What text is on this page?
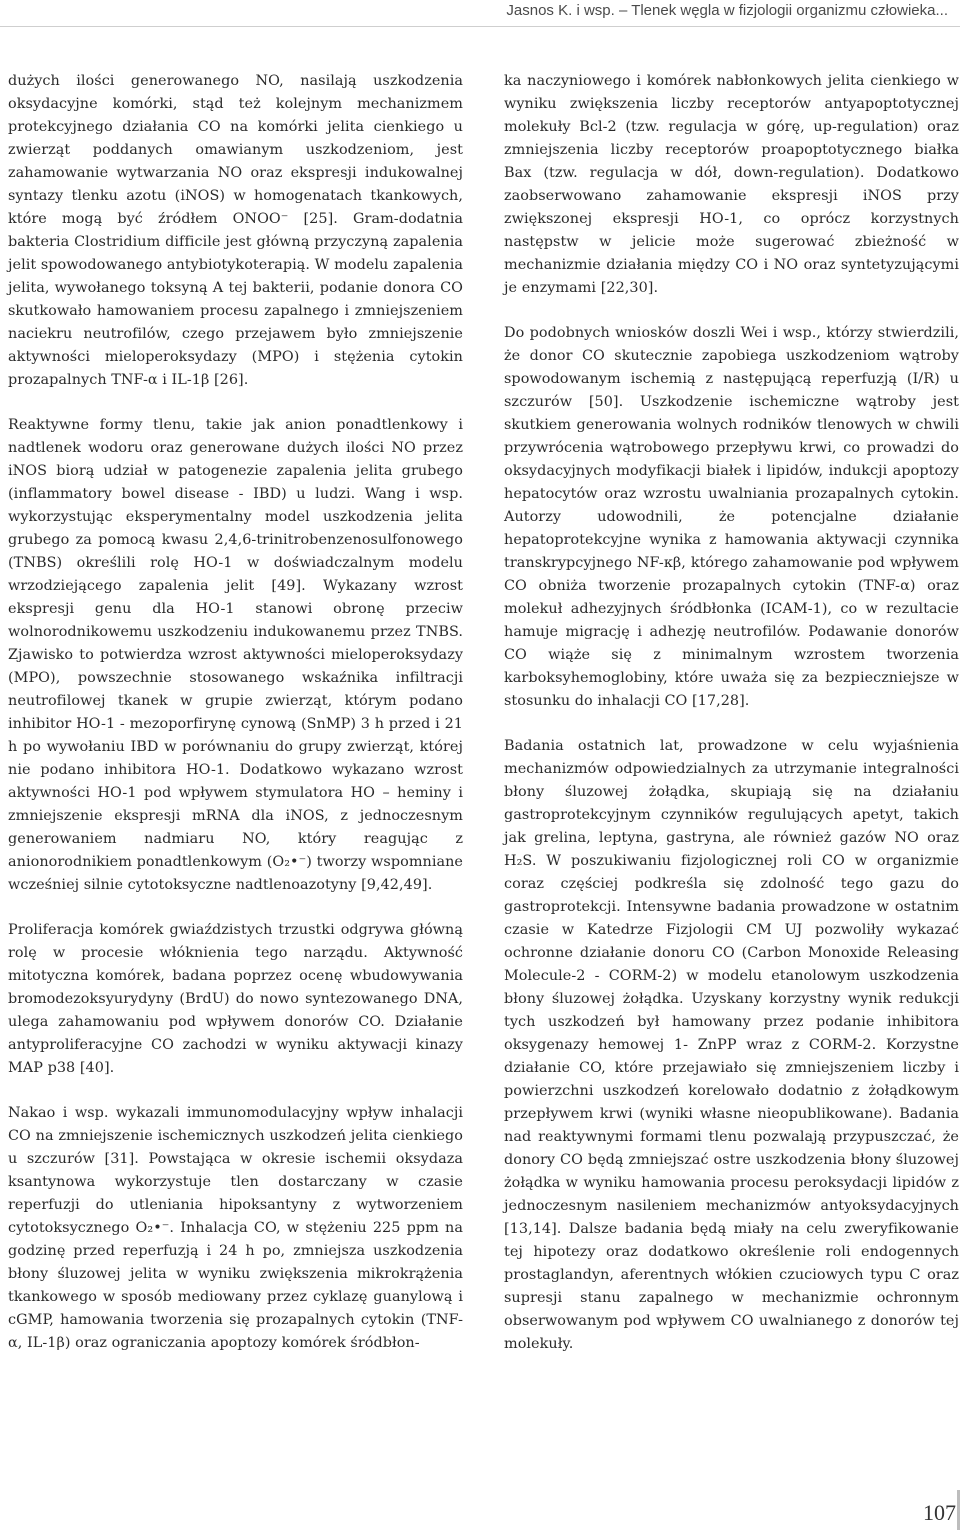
Jasnos K. i wsp. – Tlenek węgla w fizjologii organizmu człowieka...

dużych ilości generowanego NO, nasilają uszkodzenia oksydacyjne komórki, stąd też kolejnym mechanizmem protekcyjnego działania CO na komórki jelita cienkiego u zwierząt poddanych omawianym uszkodzeniom, jest zahamowanie wytwarzania NO oraz ekspresji indukowalnej syntazy tlenku azotu (iNOS) w homogenatach tkankowych, które mogą być źródłem ONOO⁻ [25]. Gram-dodatnia bakteria Clostridium difficile jest główną przyczyną zapalenia jelit spowodowanego antybiotykoterapią. W modelu zapalenia jelita, wywołanego toksyną A tej bakterii, podanie donora CO skutkowało hamowaniem procesu zapalnego i zmniejszeniem naciekru neutrofilów, czego przejawem było zmniejszenie aktywności mieloperoksydazy (MPO) i stężenia cytokin prozapalnych TNF-α i IL-1β [26].

Reaktywne formy tlenu, takie jak anion ponadtlenkowy i nadtlenek wodoru oraz generowane dużych ilości NO przez iNOS biorą udział w patogenezie zapalenia jelita grubego (inflammatory bowel disease - IBD) u ludzi. Wang i wsp. wykorzystując eksperymentalny model uszkodzenia jelita grubego za pomocą kwasu 2,4,6-trinitrobenzenosulfonowego (TNBS) określili rolę HO-1 w doświadczalnym modelu wrzodziejącego zapalenia jelit [49]. Wykazany wzrost ekspresji genu dla HO-1 stanowi obronę przeciw wolnorodnikowemu uszkodzeniu indukowanemu przez TNBS. Zjawisko to potwierdza wzrost aktywności mieloperoksydazy (MPO), powszechnie stosowanego wskaźnika infiltracji neutrofilowej tkanek w grupie zwierząt, którym podano inhibitor HO-1 - mezoporfirynę cynową (SnMP) 3 h przed i 21 h po wywołaniu IBD w porównaniu do grupy zwierząt, której nie podano inhibitora HO-1. Dodatkowo wykazano wzrost aktywności HO-1 pod wpływem stymulatora HO – heminy i zmniejszenie ekspresji mRNA dla iNOS, z jednoczesnym generowaniem nadmiaru NO, który reagując z anionorodnikiem ponadtlenkowym (O₂•⁻) tworzy wspomniane wcześniej silnie cytotoksyczne nadtlenoazotyny [9,42,49].

Proliferacja komórek gwiaździstych trzustki odgrywa główną rolę w procesie włóknienia tego narządu. Aktywność mitotyczna komórek, badana poprzez ocenę wbudowywania bromodezoksyurydyny (BrdU) do nowo syntezowanego DNA, ulega zahamowaniu pod wpływem donorów CO. Działanie antyproliferacyjne CO zachodzi w wyniku aktywacji kinazy MAP p38 [40].

Nakao i wsp. wykazali immunomodulacyjny wpływ inhalacji CO na zmniejszenie ischemicznych uszkodzeń jelita cienkiego u szczurów [31]. Powstająca w okresie ischemii oksydaza ksantynowa wykorzystuje tlen dostarczany w czasie reperfuzji do utleniania hipoksantyny z wytworzeniem cytotoksycznego O₂•⁻. Inhalacja CO, w stężeniu 225 ppm na godzinę przed reperfuzją i 24 h po, zmniejsza uszkodzenia błony śluzowej jelita w wyniku zwiększenia mikrokrążenia tkankowego w sposób mediowany przez cyklazę guanylową i cGMP, hamowania tworzenia się prozapalnych cytokin (TNF-α, IL-1β) oraz ograniczania apoptozy komórek śródbłon-

ka naczyniowego i komórek nabłonkowych jelita cienkiego w wyniku zwiększenia liczby receptorów antyapoptotycznej molekuły Bcl-2 (tzw. regulacja w górę, up-regulation) oraz zmniejszenia liczby receptorów proapoptotycznego białka Bax (tzw. regulacja w dół, down-regulation). Dodatkowo zaobserwowano zahamowanie ekspresji iNOS przy zwiększonej ekspresji HO-1, co oprócz korzystnych następstw w jelicie może sugerować zbieżność w mechanizmie działania między CO i NO oraz syntetyzującymi je enzymami [22,30].

Do podobnych wniosków doszli Wei i wsp., którzy stwierdzili, że donor CO skutecznie zapobiega uszkodzeniom wątroby spowodowanym ischemią z następującą reperfuzją (I/R) u szczurów [50]. Uszkodzenie ischemiczne wątroby jest skutkiem generowania wolnych rodników tlenowych w chwili przywrócenia wątrobowego przepływu krwi, co prowadzi do oksydacyjnych modyfikacji białek i lipidów, indukcji apoptozy hepatocytów oraz wzrostu uwalniania prozapalnych cytokin. Autorzy udowodnili, że potencjalne działanie hepatoprotekcyjne wynika z hamowania aktywacji czynnika transkrypcyjnego NF-κβ, którego zahamowanie pod wpływem CO obniża tworzenie prozapalnych cytokin (TNF-α) oraz molekuł adhezyjnych śródbłonka (ICAM-1), co w rezultacie hamuje migrację i adhezję neutrofilów. Podawanie donorów CO wiąże się z minimalnym wzrostem tworzenia karboksyhemoglobiny, które uważa się za bezpieczniejsze w stosunku do inhalacji CO [17,28].

Badania ostatnich lat, prowadzone w celu wyjaśnienia mechanizmów odpowiedzialnych za utrzymanie integralności błony śluzowej żołądka, skupiają się na działaniu gastroprotekcyjnym czynników regulujących apetyt, takich jak grelina, leptyna, gastryna, ale również gazów NO oraz H₂S. W poszukiwaniu fizjologicznej roli CO w organizmie coraz częściej podkreśla się zdolność tego gazu do gastroprotekcji. Intensywne badania prowadzone w ostatnim czasie w Katedrze Fizjologii CM UJ pozwoliły wykazać ochronne działanie donoru CO (Carbon Monoxide Releasing Molecule-2 - CORM-2) w modelu etanolowym uszkodzenia błony śluzowej żołądka. Uzyskany korzystny wynik redukcji tych uszkodzeń był hamowany przez podanie inhibitora oksygenazy hemowej 1- ZnPP wraz z CORM-2. Korzystne działanie CO, które przejawiało się zmniejszeniem liczby i powierzchni uszkodzeń korelowało dodatnio z żołądkowym przepływem krwi (wyniki własne nieopublikowane). Badania nad reaktywnymi formami tlenu pozwalają przypuszczać, że donory CO będą zmniejszać ostre uszkodzenia błony śluzowej żołądka w wyniku hamowania procesu peroksydacji lipidów z jednoczesnym nasileniem mechanizmów antyoksydacyjnych [13,14]. Dalsze badania będą miały na celu zweryfikowanie tej hipotezy oraz dodatkowo określenie roli endogennych prostaglandyn, aferentnych włókien czuciowych typu C oraz supresji stanu zapalnego w mechanizmie ochronnym obserwowanym pod wpływem CO uwalnianego z donorów tej molekuły.

107
